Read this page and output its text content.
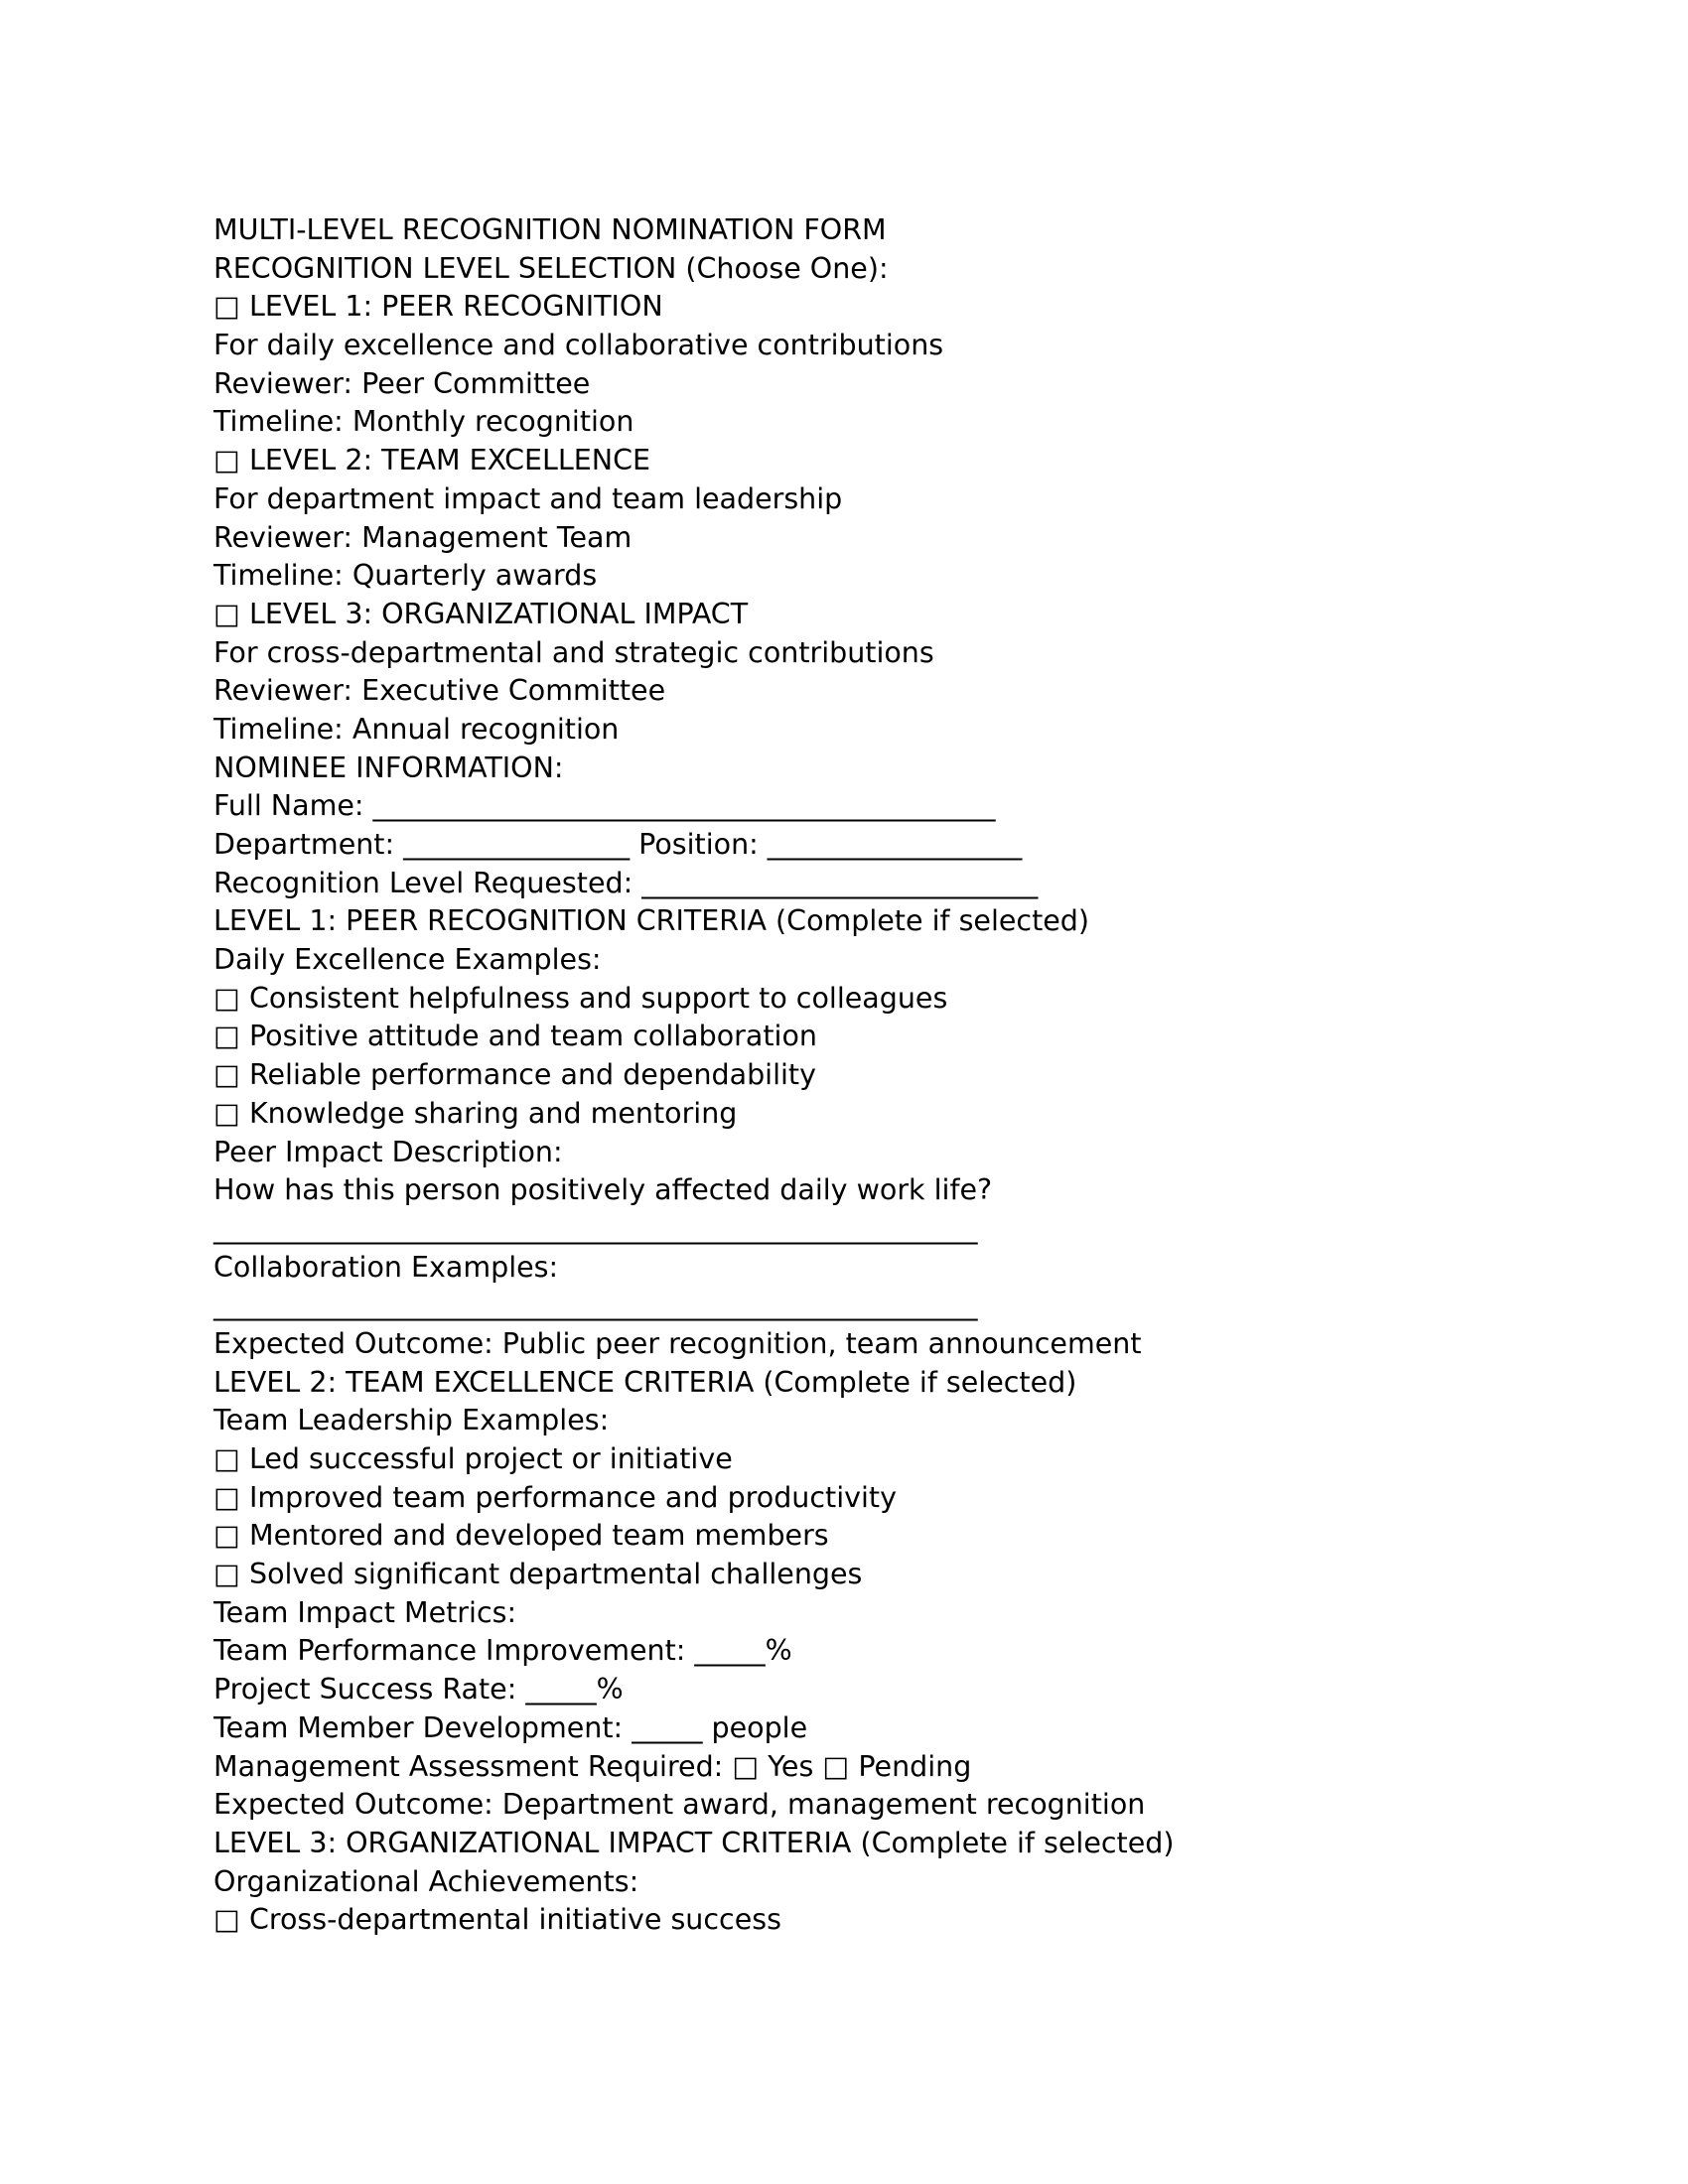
MULTI-LEVEL RECOGNITION NOMINATION FORM
RECOGNITION LEVEL SELECTION (Choose One):
□ LEVEL 1: PEER RECOGNITION
For daily excellence and collaborative contributions
Reviewer: Peer Committee
Timeline: Monthly recognition
□ LEVEL 2: TEAM EXCELLENCE
For department impact and team leadership
Reviewer: Management Team
Timeline: Quarterly awards
□ LEVEL 3: ORGANIZATIONAL IMPACT
For cross-departmental and strategic contributions
Reviewer: Executive Committee
Timeline: Annual recognition
NOMINEE INFORMATION:
Full Name: ____________________________________________
Department: ________________ Position: __________________
Recognition Level Requested: ____________________________
LEVEL 1: PEER RECOGNITION CRITERIA (Complete if selected)
Daily Excellence Examples:
□ Consistent helpfulness and support to colleagues
□ Positive attitude and team collaboration
□ Reliable performance and dependability
□ Knowledge sharing and mentoring
Peer Impact Description:
How has this person positively affected daily work life?
______________________________________________________
Collaboration Examples:
______________________________________________________
Expected Outcome: Public peer recognition, team announcement
LEVEL 2: TEAM EXCELLENCE CRITERIA (Complete if selected)
Team Leadership Examples:
□ Led successful project or initiative
□ Improved team performance and productivity
□ Mentored and developed team members
□ Solved significant departmental challenges
Team Impact Metrics:
Team Performance Improvement: _____%
Project Success Rate: _____%
Team Member Development: _____ people
Management Assessment Required: □ Yes □ Pending
Expected Outcome: Department award, management recognition
LEVEL 3: ORGANIZATIONAL IMPACT CRITERIA (Complete if selected)
Organizational Achievements:
□ Cross-departmental initiative success
